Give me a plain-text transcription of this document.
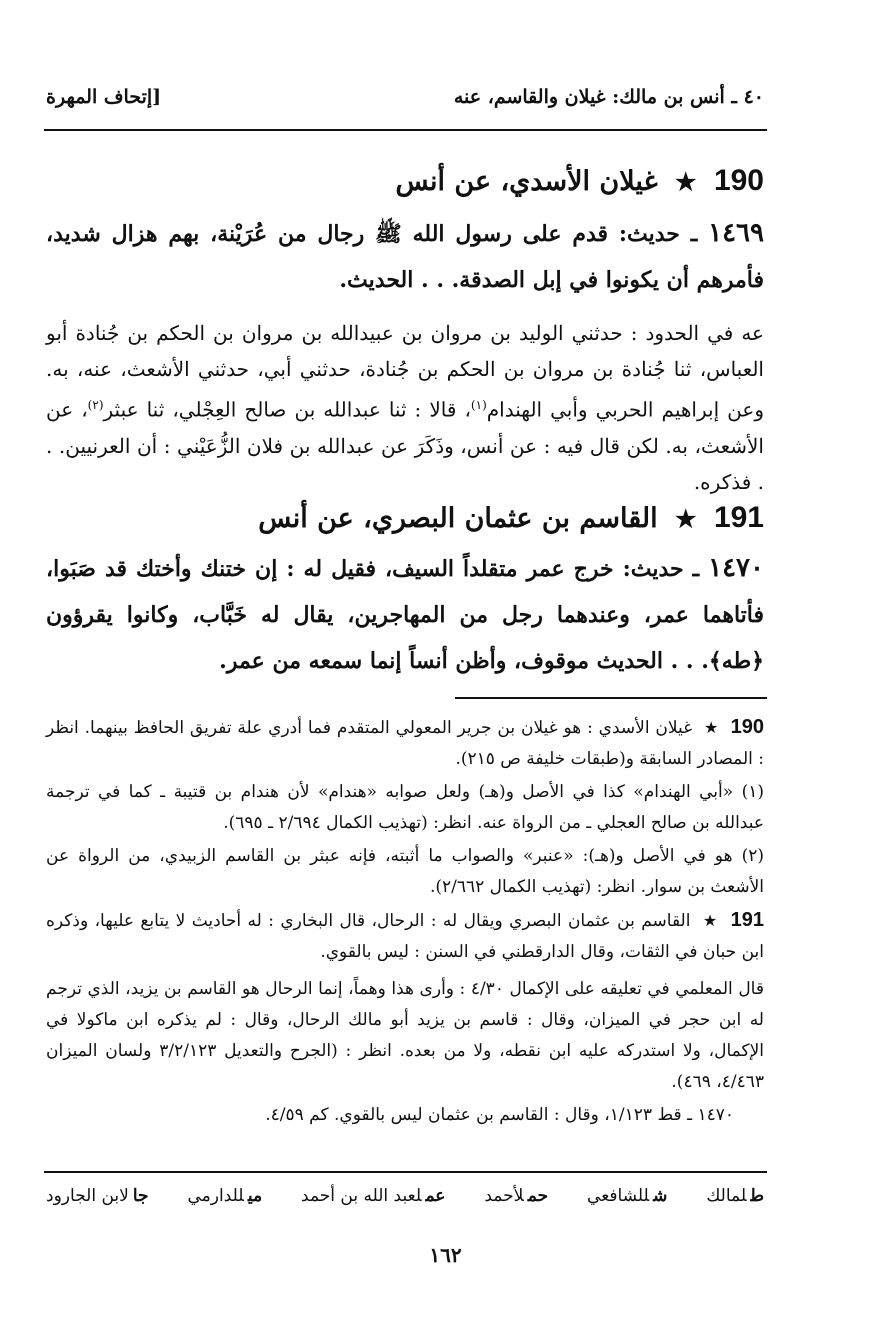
٤٠ ـ أنس بن مالك: غيلان والقاسم، عنه
[إتحاف المهرة
190 ★ غيلان الأسدي، عن أنس
١٤٦٩ ـ حديث: قدم على رسول الله ﷺ رجال من عُرَيْنة، بهم هزال شديد، فأمرهم أن يكونوا في إبل الصدقة. . . الحديث.
عه في الحدود : حدثني الوليد بن مروان بن عبيدالله بن مروان بن الحكم بن جُنادة أبو العباس، ثنا جُنادة بن مروان بن الحكم بن جُنادة، حدثني أبي، حدثني الأشعث، عنه، به. وعن إبراهيم الحربي وأبي الهندام$^{(١)}$، قالا : ثنا عبدالله بن صالح العِجْلي، ثنا عبثر$^{(٢)}$، عن الأشعث، به. لكن قال فيه : عن أنس، وذَكَرَ عن عبدالله بن فلان الزُّعَيْني : أن العرنيين. . . فذكره.
191 ★ القاسم بن عثمان البصري، عن أنس
١٤٧٠ ـ حديث: خرج عمر متقلداً السيف، فقيل له : إن ختنك وأختك قد صَبَوا، فأتاهما عمر، وعندهما رجل من المهاجرين، يقال له خَبَّاب، وكانوا يقرؤون ﴿طه﴾. . . الحديث موقوف، وأظن أنساً إنما سمعه من عمر.
190 ★ غيلان الأسدي : هو غيلان بن جرير المعولي المتقدم فما أدري علة تفريق الحافظ بينهما. انظر : المصادر السابقة و(طبقات خليفة ص ٢١٥).
(١) «أبي الهندام» كذا في الأصل و(هـ) ولعل صوابه «هندام» لأن هندام بن قتيبة ـ كما في ترجمة عبدالله بن صالح العجلي ـ من الرواة عنه. انظر: (تهذيب الكمال ٢/٦٩٤ ـ ٦٩٥).
(٢) هو في الأصل و(هـ): «عنبر» والصواب ما أثبته، فإنه عبثر بن القاسم الزبيدي، من الرواة عن الأشعث بن سوار. انظر: (تهذيب الكمال ٢/٦٦٢).
191 ★ القاسم بن عثمان البصري ويقال له : الرحال، قال البخاري : له أحاديث لا يتابع عليها، وذكره ابن حبان في الثقات، وقال الدارقطني في السنن : ليس بالقوي.
قال المعلمي في تعليقه على الإكمال ٤/٣٠ : وأرى هذا وهماً، إنما الرحال هو القاسم بن يزيد، الذي ترجم له ابن حجر في الميزان، وقال : قاسم بن يزيد أبو مالك الرحال، وقال : لم يذكره ابن ماكولا في الإكمال، ولا استدركه عليه ابن نقطه، ولا من بعده. انظر : (الجرح والتعديل ٣/٢/١٢٣ ولسان الميزان ٤/٤٦٣، ٤٦٩).
١٤٧٠ ـ قط ١/١٢٣، وقال : القاسم بن عثمان ليس بالقوي. كم ٤/٥٩.
طلمالك
شللشافعي
حملأحمد
عملعبد الله بن أحمد
ميللدارمي
جالابن الجارود
١٦٢
